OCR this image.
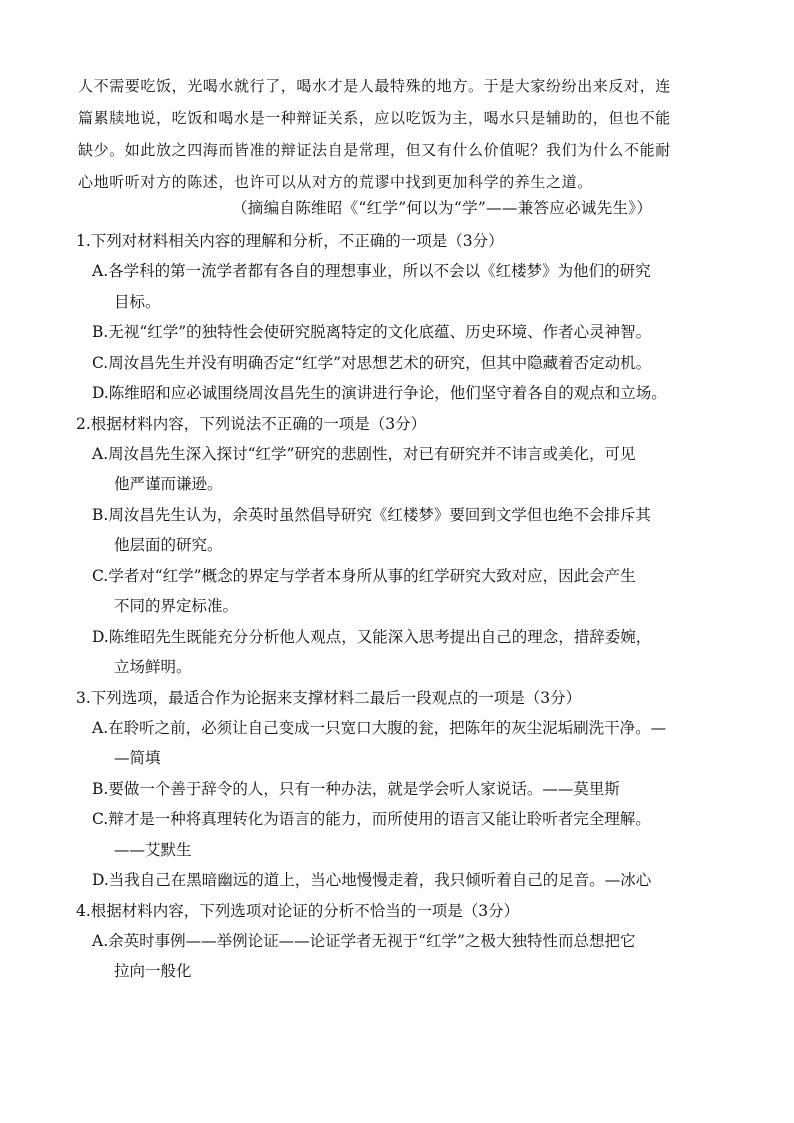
人不需要吃饭，光喝水就行了，喝水才是人最特殊的地方。于是大家纷纷出来反对，连
篇累牍地说，吃饭和喝水是一种辩证关系，应以吃饭为主，喝水只是辅助的，但也不能
缺少。如此放之四海而皆准的辩证法自是常理，但又有什么价值呢？我们为什么不能耐
心地听听对方的陈述，也许可以从对方的荒谬中找到更加科学的养生之道。
（摘编自陈维昭《“红学”何以为“学”——兼答应必诚先生》）
1.下列对材料相关内容的理解和分析，不正确的一项是（3分）
A.各学科的第一流学者都有各自的理想事业，所以不会以《红楼梦》为他们的研究
目标。
B.无视“红学”的独特性会使研究脱离特定的文化底蕴、历史环境、作者心灵神智。
C.周汝昌先生并没有明确否定“红学”对思想艺术的研究，但其中隐藏着否定动机。
D.陈维昭和应必诚围绕周汝昌先生的演讲进行争论，他们坚守着各自的观点和立场。
2.根据材料内容，下列说法不正确的一项是（3分）
A.周汝昌先生深入探讨“红学”研究的悲剧性，对已有研究并不讳言或美化，可见
他严谨而谦逊。
B.周汝昌先生认为，余英时虽然倡导研究《红楼梦》要回到文学但也绝不会排斥其
他层面的研究。
C.学者对“红学”概念的界定与学者本身所从事的红学研究大致对应，因此会产生
不同的界定标准。
D.陈维昭先生既能充分分析他人观点，又能深入思考提出自己的理念，措辞委婉，
立场鲜明。
3.下列选项，最适合作为论据来支撑材料二最后一段观点的一项是（3分）
A.在聆听之前，必须让自己变成一只宽口大腹的瓮，把陈年的灰尘泥垢刷洗干净。—
—简填
B.要做一个善于辞令的人，只有一种办法，就是学会听人家说话。——莫里斯
C.辩才是一种将真理转化为语言的能力，而所使用的语言又能让聆听者完全理解。
——艾默生
D.当我自己在黑暗幽远的道上，当心地慢慢走着，我只倾听着自己的足音。—冰心
4.根据材料内容，下列选项对论证的分析不恰当的一项是（3分）
A.余英时事例——举例论证——论证学者无视于“红学”之极大独特性而总想把它
拉向一般化
